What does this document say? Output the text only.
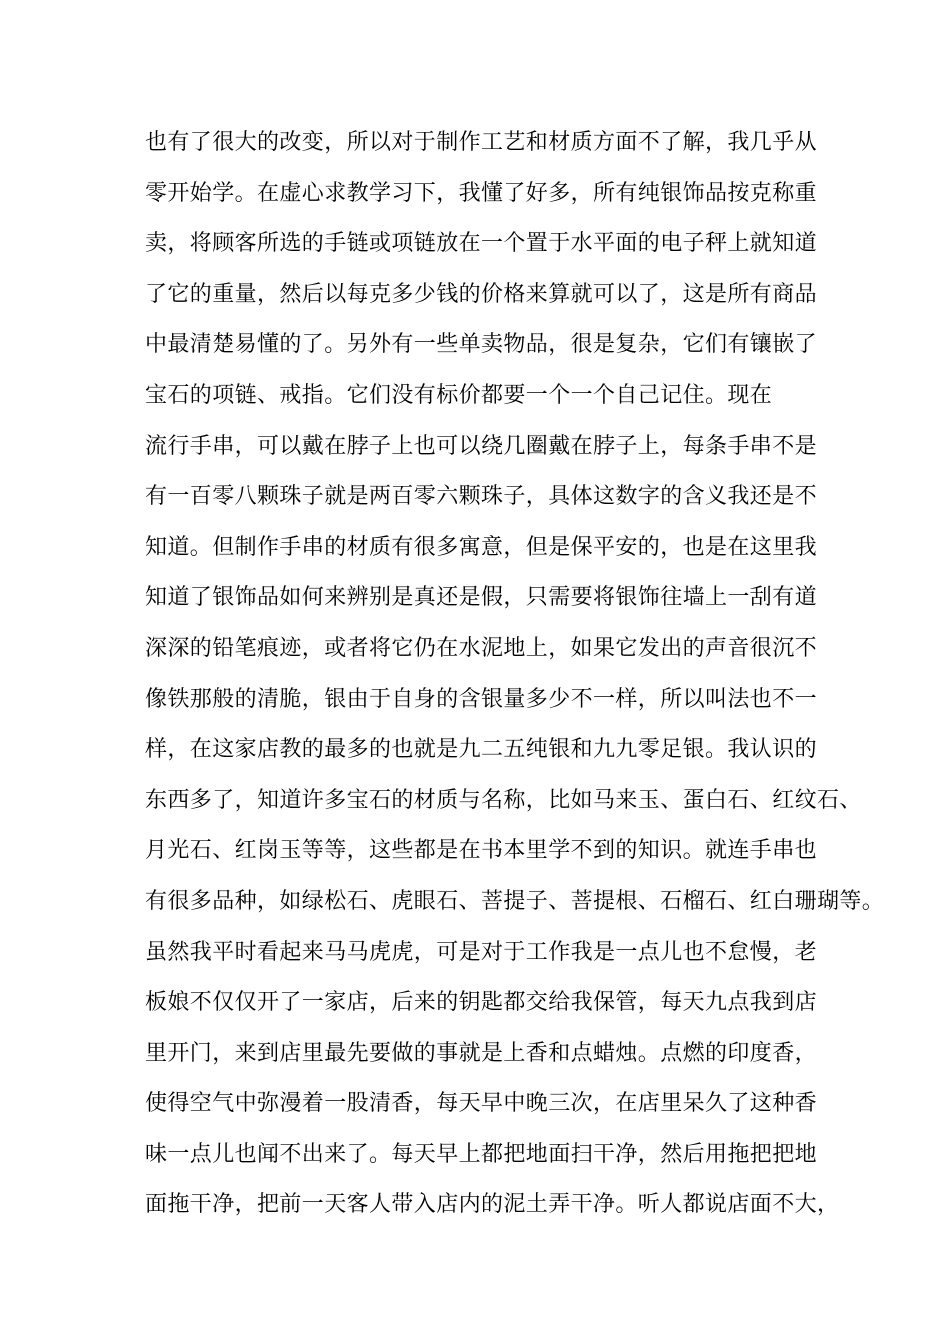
也有了很大的改变，所以对于制作工艺和材质方面不了解，我几乎从
零开始学。在虚心求教学习下，我懂了好多，所有纯银饰品按克称重
卖，将顾客所选的手链或项链放在一个置于水平面的电子秤上就知道
了它的重量，然后以每克多少钱的价格来算就可以了，这是所有商品
中最清楚易懂的了。另外有一些单卖物品，很是复杂，它们有镶嵌了
宝石的项链、戒指。它们没有标价都要一个一个自己记住。现在
流行手串，可以戴在脖子上也可以绕几圈戴在脖子上，每条手串不是
有一百零八颗珠子就是两百零六颗珠子，具体这数字的含义我还是不
知道。但制作手串的材质有很多寓意，但是保平安的，也是在这里我
知道了银饰品如何来辨别是真还是假，只需要将银饰往墙上一刮有道
深深的铅笔痕迹，或者将它仍在水泥地上，如果它发出的声音很沉不
像铁那般的清脆，银由于自身的含银量多少不一样，所以叫法也不一
样，在这家店教的最多的也就是九二五纯银和九九零足银。我认识的
东西多了，知道许多宝石的材质与名称，比如马来玉、蛋白石、红纹石、
月光石、红岗玉等等，这些都是在书本里学不到的知识。就连手串也
有很多品种，如绿松石、虎眼石、菩提子、菩提根、石榴石、红白珊瑚等。
虽然我平时看起来马马虎虎，可是对于工作我是一点儿也不怠慢，老
板娘不仅仅开了一家店，后来的钥匙都交给我保管，每天九点我到店
里开门，来到店里最先要做的事就是上香和点蜡烛。点燃的印度香，
使得空气中弥漫着一股清香，每天早中晚三次，在店里呆久了这种香
味一点儿也闻不出来了。每天早上都把地面扫干净，然后用拖把把地
面拖干净，把前一天客人带入店内的泥土弄干净。听人都说店面不大，
